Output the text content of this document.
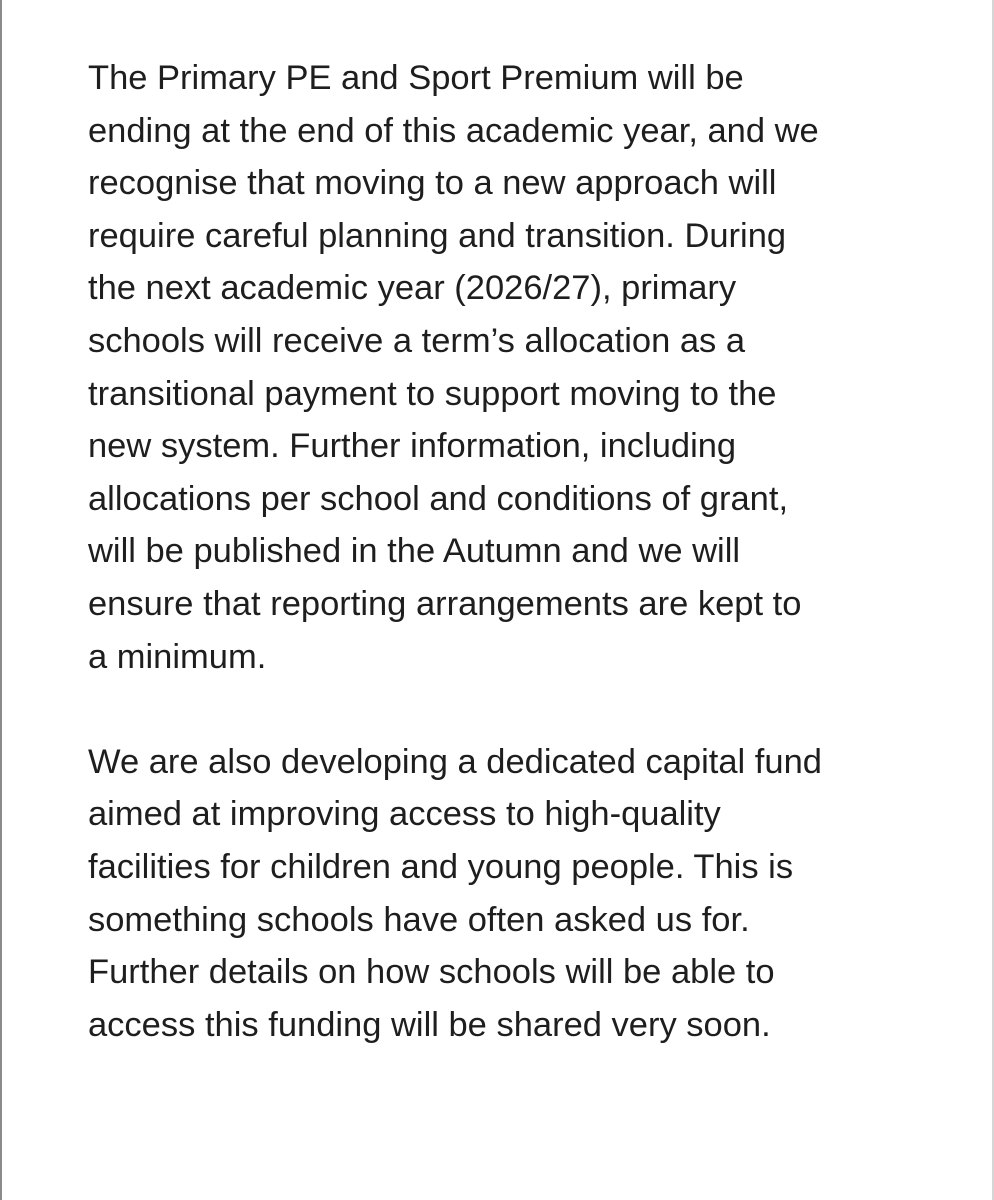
The Primary PE and Sport Premium will be
ending at the end of this academic year, and we
recognise that moving to a new approach will
require careful planning and transition. During
the next academic year (2026/27), primary
schools will receive a term’s allocation as a
transitional payment to support moving to the
new system. Further information, including
allocations per school and conditions of grant,
will be published in the Autumn and we will
ensure that reporting arrangements are kept to
a minimum.

We are also developing a dedicated capital fund
aimed at improving access to high-quality
facilities for children and young people. This is
something schools have often asked us for.
Further details on how schools will be able to
access this funding will be shared very soon.
